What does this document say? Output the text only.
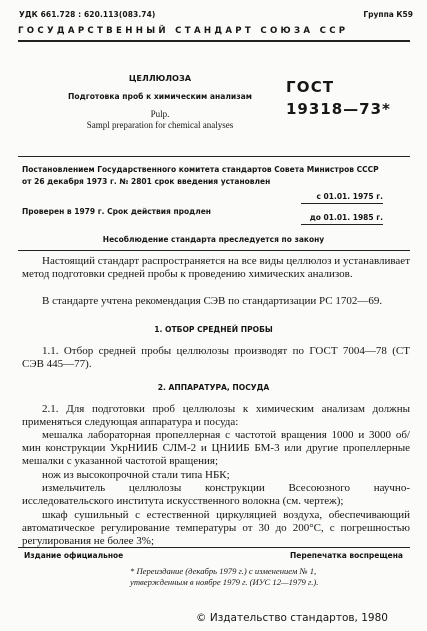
УДК 661.728 : 620.113(083.74)	Группа К59
ГОСУДАРСТВЕННЫЙ СТАНДАРТ СОЮЗА ССР
ЦЕЛЛЮЛОЗА
Подготовка проб к химическим анализам
Pulp.
Sampl preparation for chemical analyses
ГОСТ
19318—73*
Постановлением Государственного комитета стандартов Совета Министров СССР
от 26 декабря 1973 г. № 2801 срок введения установлен
с 01.01. 1975 г.
Проверен в 1979 г. Срок действия продлен
до 01.01. 1985 г.
Несоблюдение стандарта преследуется по закону
Настоящий стандарт распространяется на все виды целлюлоз и устанавливает метод подготовки средней пробы к проведению химических анализов.
В стандарте учтена рекомендация СЭВ по стандартизации РС 1702—69.
1. ОТБОР СРЕДНЕЙ ПРОБЫ
1.1. Отбор средней пробы целлюлозы производят по ГОСТ 7004—78 (СТ СЭВ 445—77).
2. АППАРАТУРА, ПОСУДА
2.1. Для подготовки проб целлюлозы к химическим анализам должны применяться следующая аппаратура и посуда:
мешалка лабораторная пропеллерная с частотой вращения 1000 и 3000 об/мин конструкции УкрНИИБ СЛМ-2 и ЦНИИБ БМ-3 или другие пропеллерные мешалки с указанной частотой вращения;
нож из высокопрочной стали типа НБК;
измельчитель целлюлозы конструкции Всесоюзного научно-исследовательского института искусственного волокна (см. чертеж);
шкаф сушильный с естественной циркуляцией воздуха, обеспечивающий автоматическое регулирование температуры от 30 до 200°С, с погрешностью регулирования не более 3%;
Издание официальное	Перепечатка воспрещена
* Переиздание (декабрь 1979 г.) с изменением № 1,
утвержденным в ноябре 1979 г. (ИУС 12—1979 г.).
© Издательство стандартов, 1980
